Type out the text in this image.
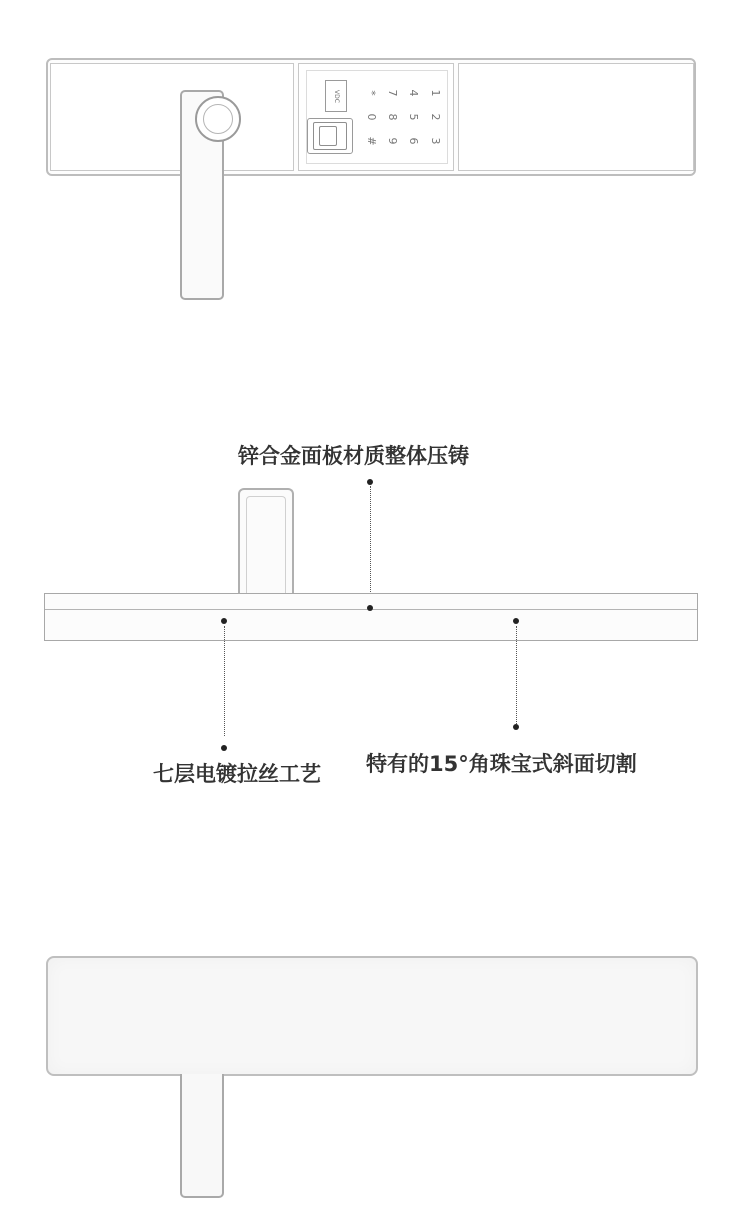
VDC	1
2
3
4
5
6
7
8
9
*
0
#
锌合金面板材质整体压铸
七层电镀拉丝工艺 特有的15°角珠宝式斜面切割
